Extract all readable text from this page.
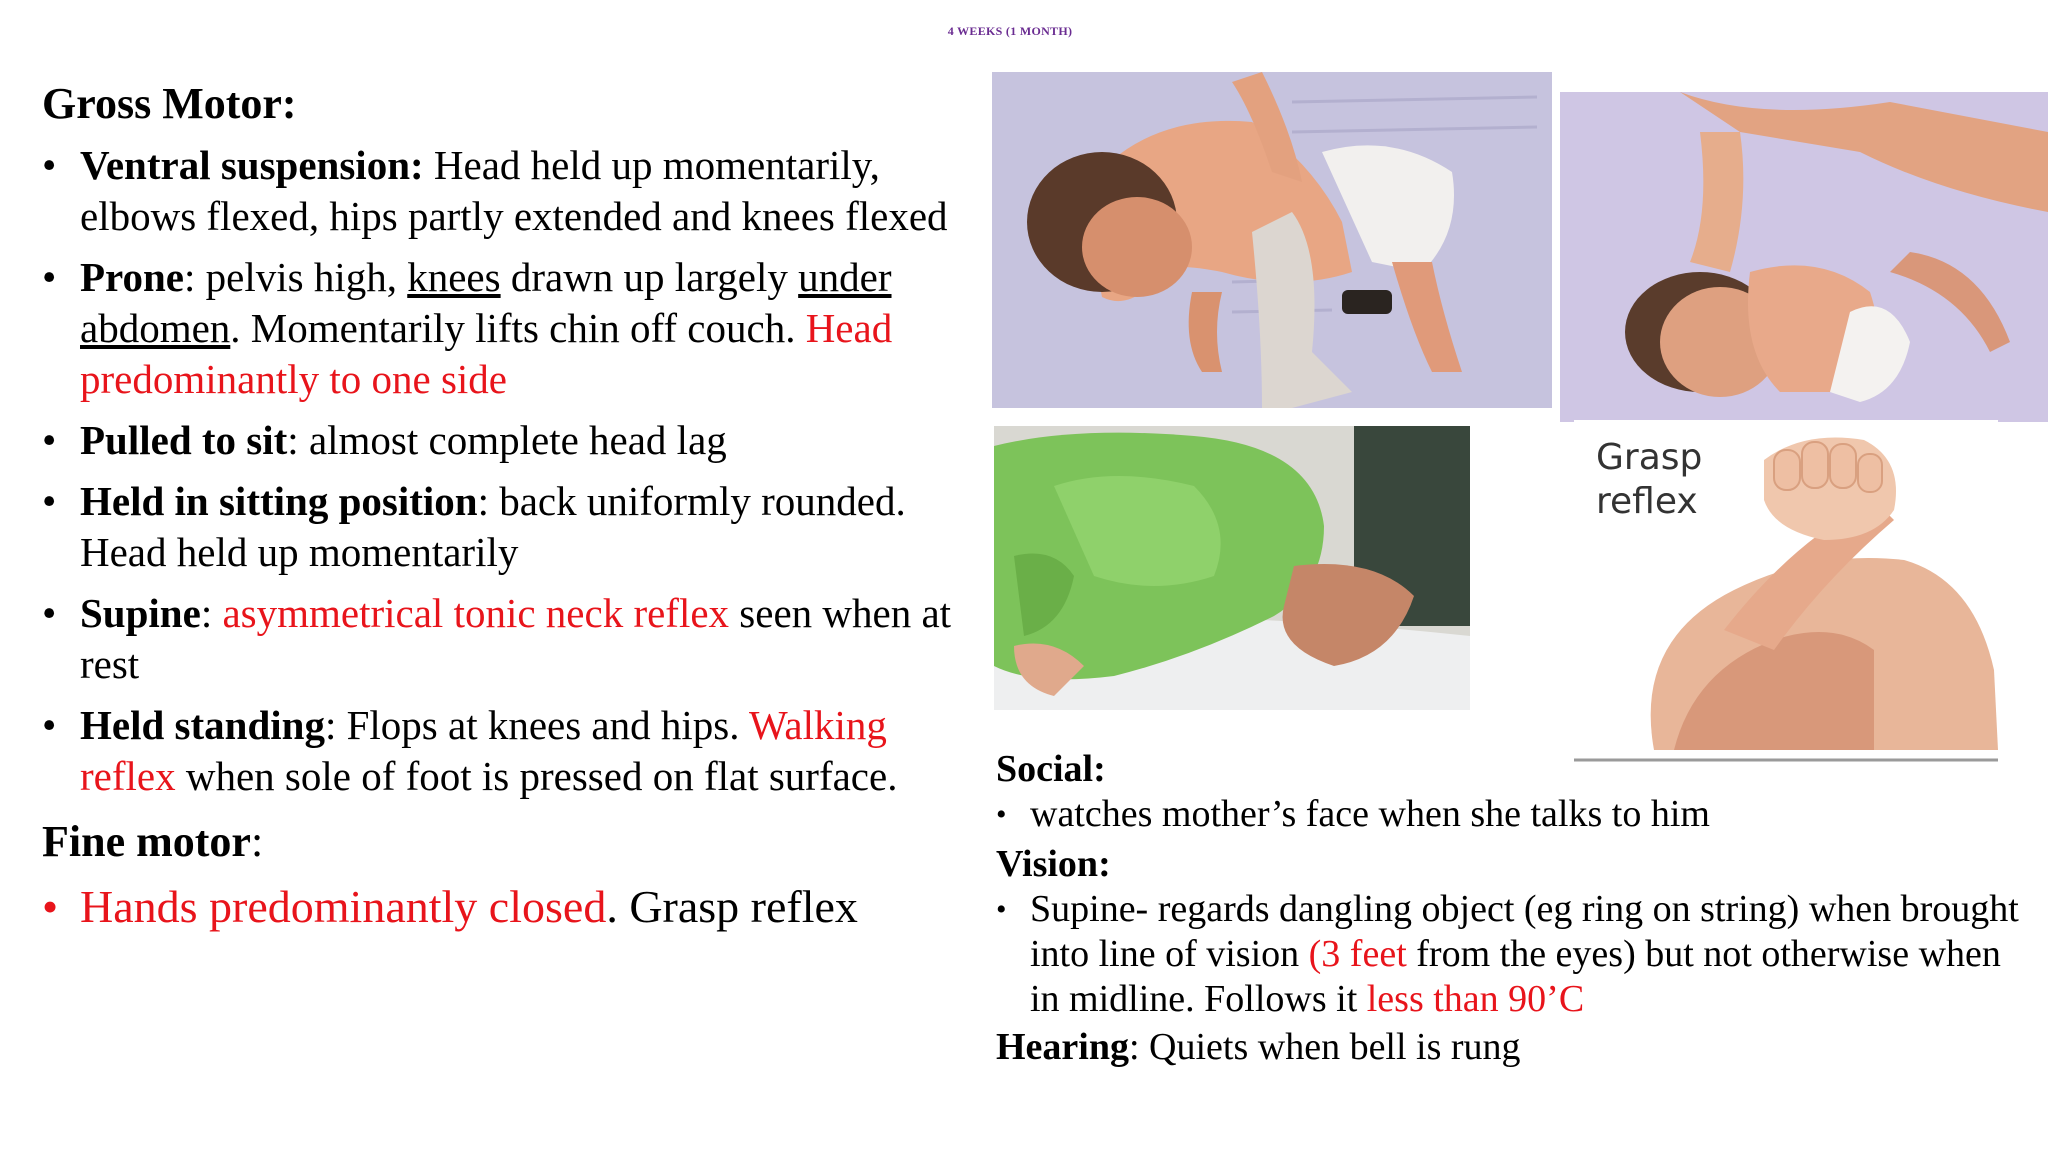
4 WEEKS (1 MONTH)
Gross Motor:
• Ventral suspension: Head held up momentarily, elbows flexed, hips partly extended and knees flexed
• Prone: pelvis high, knees drawn up largely under abdomen. Momentarily lifts chin off couch. Head predominantly to one side
• Pulled to sit: almost complete head lag
• Held in sitting position: back uniformly rounded. Head held up momentarily
• Supine: asymmetrical tonic neck reflex seen when at rest
• Held standing: Flops at knees and hips. Walking reflex when sole of foot is pressed on flat surface.
Fine motor:
• Hands predominantly closed. Grasp reflex
Grasp
reflex
Social:
• watches mother’s face when she talks to him
Vision:
• Supine- regards dangling object (eg ring on string) when brought into line of vision (3 feet from the eyes) but not otherwise when in midline. Follows it less than 90’C
Hearing: Quiets when bell is rung
